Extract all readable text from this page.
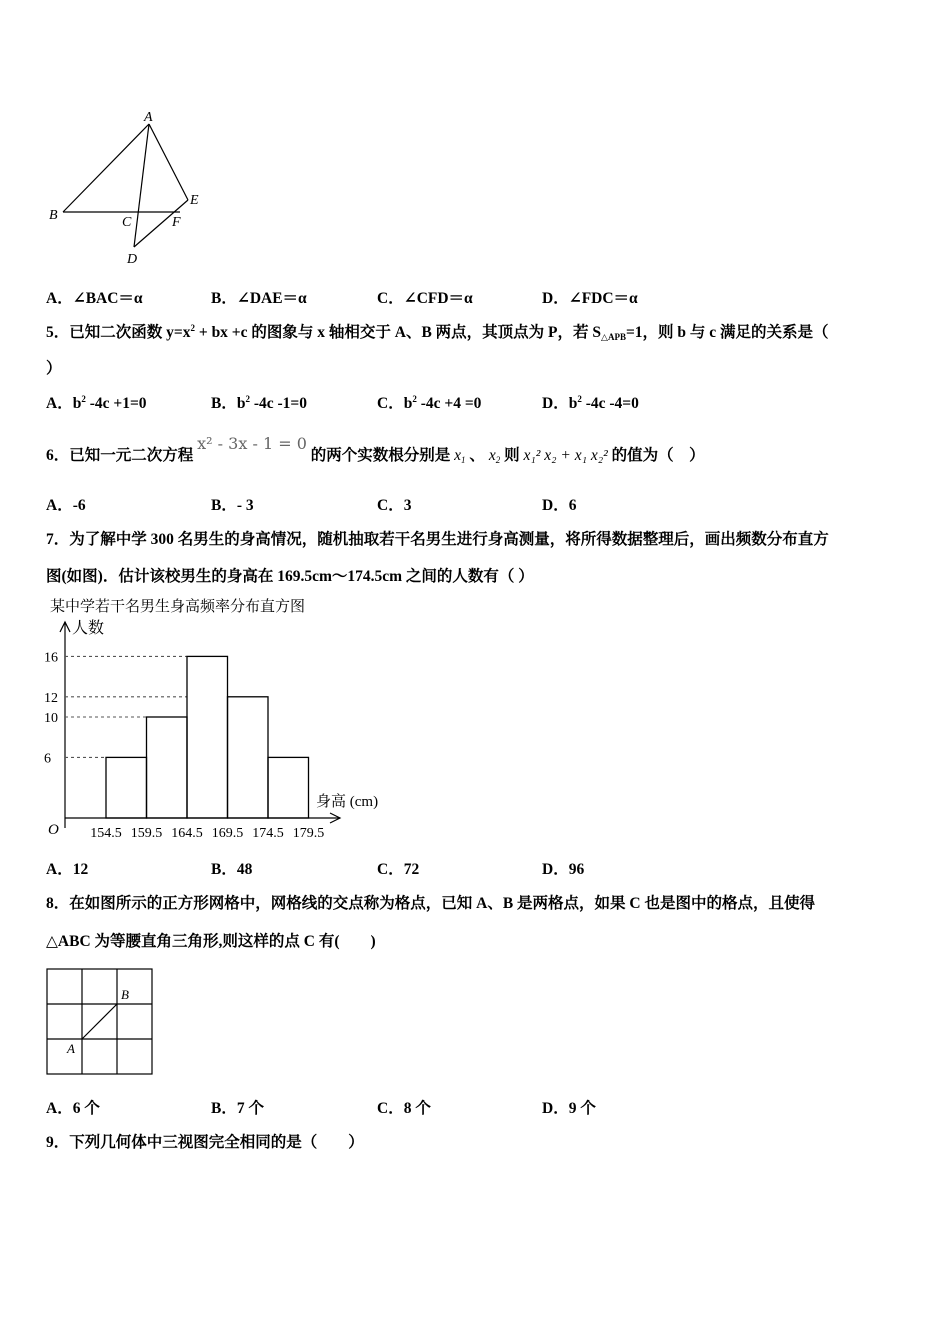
A
B	C
D
E
F
A．∠BAC＝α	B．∠DAE＝α	C．∠CFD＝α	D．∠FDC＝α
5．已知二次函数 $y=x^2$ + bx +c 的图象与 x 轴相交于 A、B 两点，其顶点为 P，若 $S_{\triangle APB}=1$，则 b 与 c 满足的关系是（
）
A．$b^2$ -4c +1=0	B．$b^2$ -4c -1=0	C．$b^2$ -4c +4 =0	D．$b^2$ -4c -4=0
6．已知一元二次方程 x² - 3x - 1 = 0 的两个实数根分别是 $x_1$ 、 $x_2$ 则 x₁² x₂ + x₁ x₂² 的值为（　）
A．-6	B．- 3	C．3	D．6
7．为了解中学 300 名男生的身高情况，随机抽取若干名男生进行身高测量，将所得数据整理后，画出频数分布直方
图(如图)．估计该校男生的身高在 169.5cm～174.5cm 之间的人数有（ ）
某中学若干名男生身高频率分布直方图
人数
身高 (cm)
O
6
10
12
16
154.5 159.5 164.5 169.5 174.5 179.5
A．12	B．48	C．72	D．96
8．在如图所示的正方形网格中，网格线的交点称为格点，已知 A、B 是两格点，如果 C 也是图中的格点，且使得
△ABC 为等腰直角三角形,则这样的点 C 有(　　)
B
A
A．6 个	B．7 个	C．8 个	D．9 个
9．下列几何体中三视图完全相同的是（　　）
